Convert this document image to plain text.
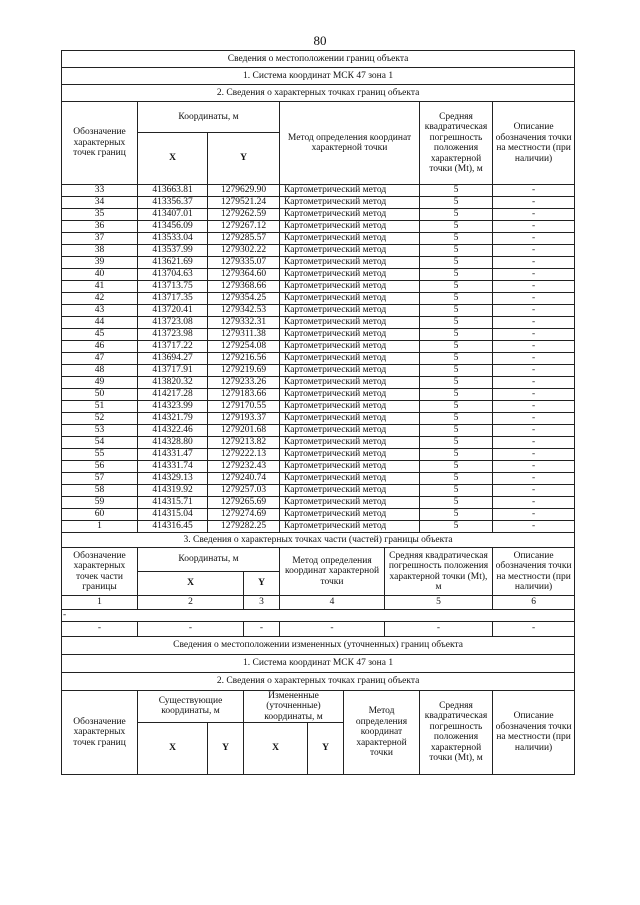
80
Сведения о местоположении границ объекта									
1. Система координат МСК 47 зона 1									
2. Сведения о характерных точках границ объекта									
Обозначение характерных точек границ	Координаты, м			Метод определения координат характерной точки				Средняя квадратическая погрешность положения характерной точки (Mt), м	Описание обозначения точки на местности (при наличии)
	X	Y							
33	413663.81	1279629.90		Картометрический метод				5	-
34	413356.37	1279521.24		Картометрический метод				5	-
35	413407.01	1279262.59		Картометрический метод				5	-
36	413456.09	1279267.12		Картометрический метод				5	-
37	413533.04	1279285.57		Картометрический метод				5	-
38	413537.99	1279302.22		Картометрический метод				5	-
39	413621.69	1279335.07		Картометрический метод				5	-
40	413704.63	1279364.60		Картометрический метод				5	-
41	413713.75	1279368.66		Картометрический метод				5	-
42	413717.35	1279354.25		Картометрический метод				5	-
43	413720.41	1279342.53		Картометрический метод				5	-
44	413723.08	1279332.31		Картометрический метод				5	-
45	413723.98	1279311.38		Картометрический метод				5	-
46	413717.22	1279254.08		Картометрический метод				5	-
47	413694.27	1279216.56		Картометрический метод				5	-
48	413717.91	1279219.69		Картометрический метод				5	-
49	413820.32	1279233.26		Картометрический метод				5	-
50	414217.28	1279183.66		Картометрический метод				5	-
51	414323.99	1279170.55		Картометрический метод				5	-
52	414321.79	1279193.37		Картометрический метод				5	-
53	414322.46	1279201.68		Картометрический метод				5	-
54	414328.80	1279213.82		Картометрический метод				5	-
55	414331.47	1279222.13		Картометрический метод				5	-
56	414331.74	1279232.43		Картометрический метод				5	-
57	414329.13	1279240.74		Картометрический метод				5	-
58	414319.92	1279257.03		Картометрический метод				5	-
59	414315.71	1279265.69		Картометрический метод				5	-
60	414315.04	1279274.69		Картометрический метод				5	-
1	414316.45	1279282.25		Картометрический метод				5	-
3. Сведения о характерных точках части (частей) границы объекта									
Обозначение характерных точек части границы	Координаты, м			Метод определения координат характерной точки			Средняя квадратическая погрешность положения характерной точки (Mt), м		Описание обозначения точки на местности (при наличии)
	X		Y						
1	2		3	4			5		6
-									
-	-		-	-			-		-
Сведения о местоположении измененных (уточненных) границ объекта									
1. Система координат МСК 47 зона 1									
2. Сведения о характерных точках границ объекта									
Обозначение характерных точек границ	Существующие координаты, м		Измененные (уточненные) координаты, м			Метод определения координат характерной точки		Средняя квадратическая погрешность положения характерной точки (Mt), м	Описание обозначения точки на местности (при наличии)
	X	Y	X		Y				
